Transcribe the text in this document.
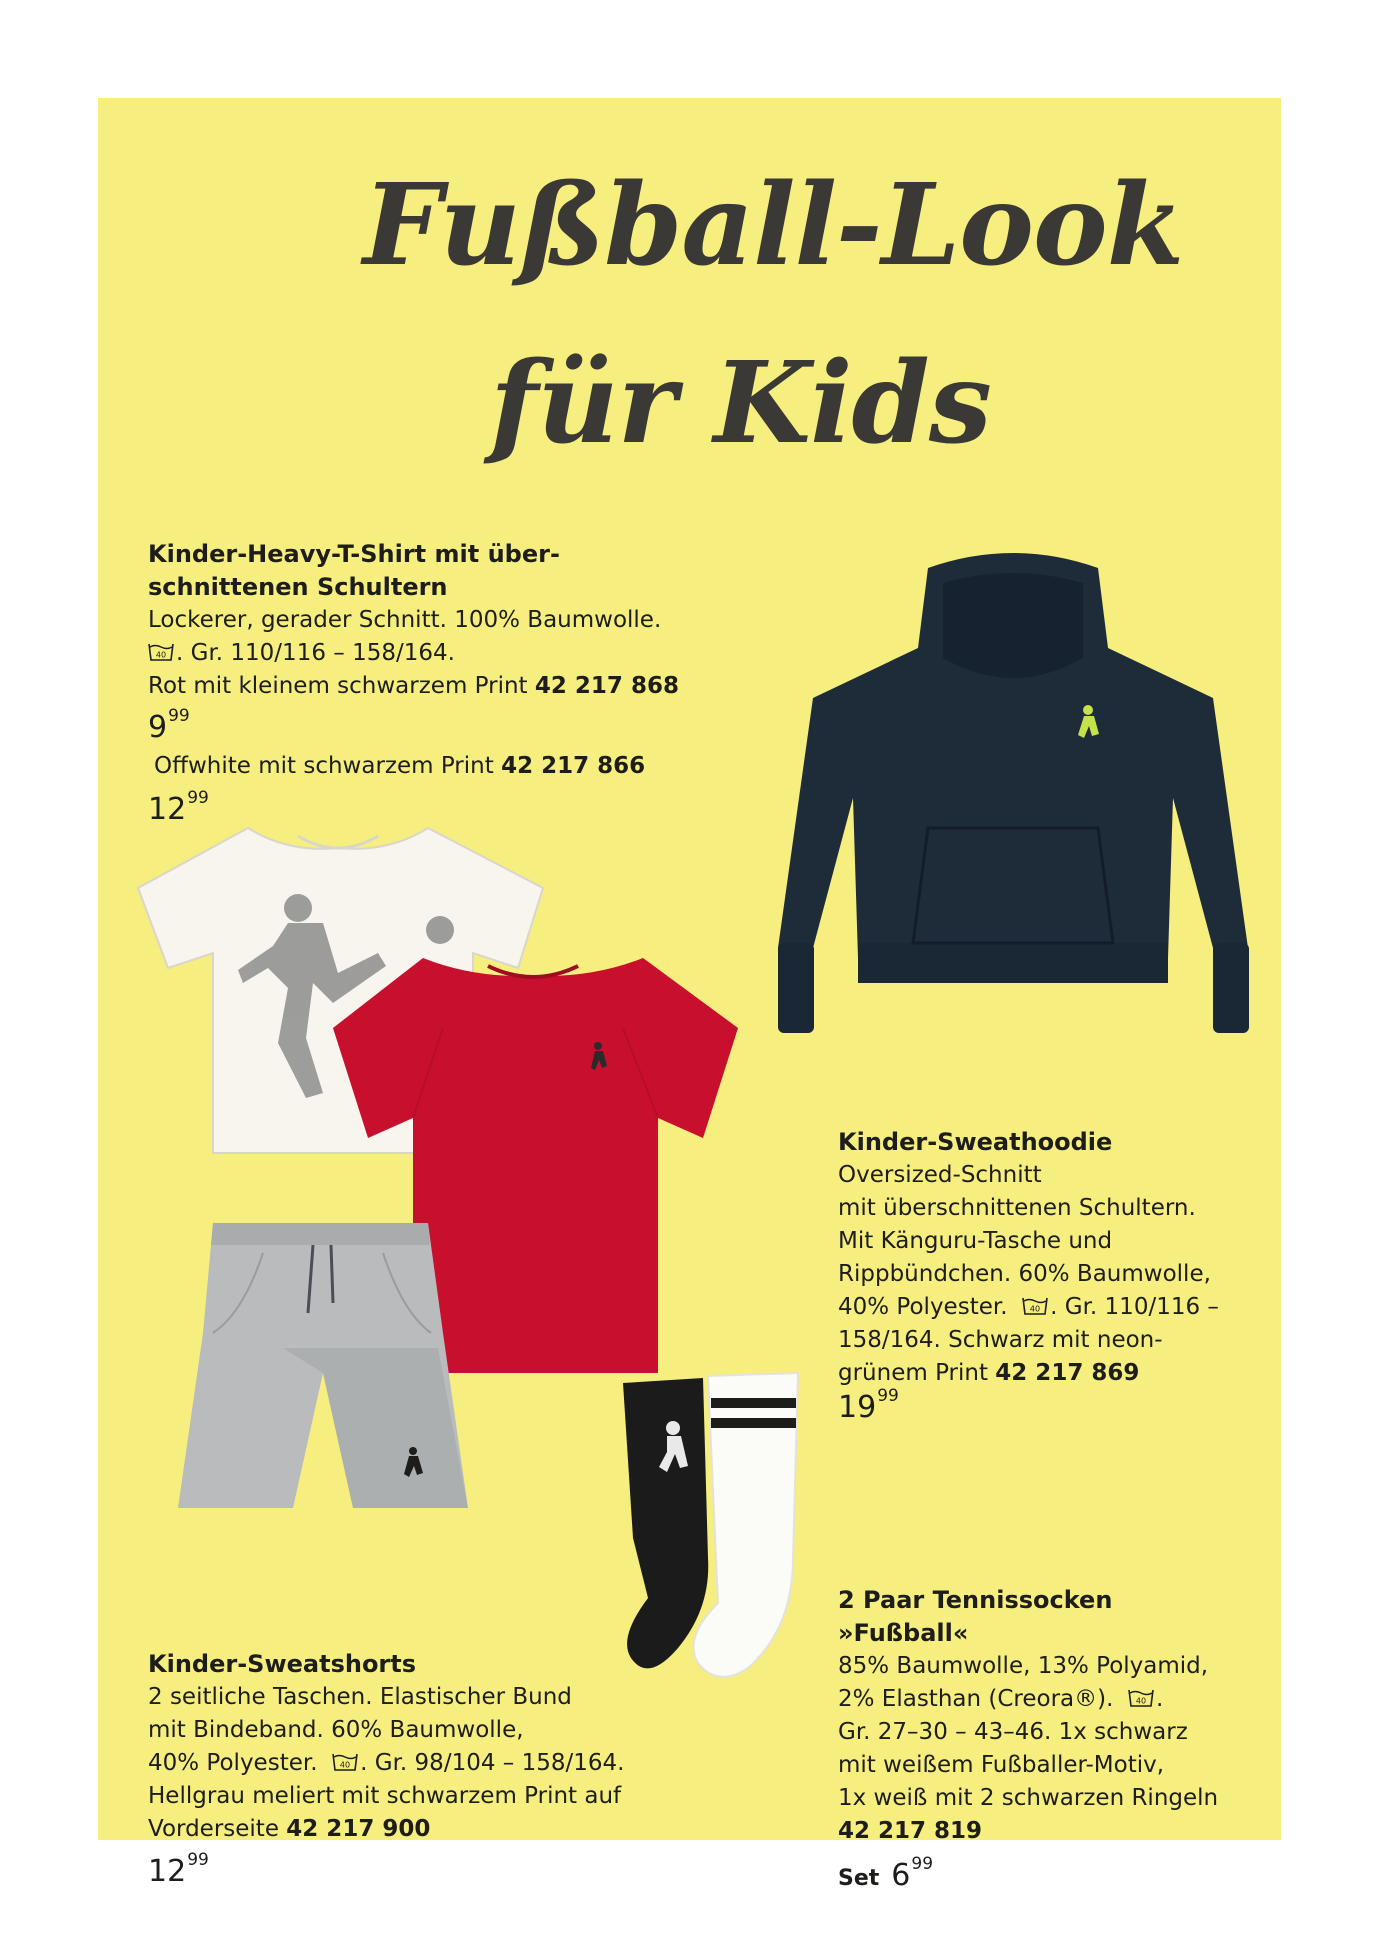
Fußball-Look
für Kids
Kinder-Heavy-T-Shirt mit über-
schnittenen Schultern
Lockerer, gerader Schnitt. 100% Baumwolle.
40 . Gr. 110/116 – 158/164.
Rot mit kleinem schwarzem Print 42 217 868
$9^{99}$
Offwhite mit schwarzem Print 42 217 866
$12^{99}$
Kinder-Sweathoodie
Oversized-Schnitt
mit überschnittenen Schultern.
Mit Känguru-Tasche und
Rippbündchen. 60% Baumwolle,
40% Polyester.	40 . Gr. 110/116 –
158/164. Schwarz mit neon-
grünem Print 42 217 869
$19^{99}$
Kinder-Sweatshorts
2 seitliche Taschen. Elastischer Bund
mit Bindeband. 60% Baumwolle,
40% Polyester.	40 . Gr. 98/104 – 158/164.
Hellgrau meliert mit schwarzem Print auf
Vorderseite 42 217 900
$12^{99}$
2 Paar Tennissocken
»Fußball«
85% Baumwolle, 13% Polyamid,
2% Elasthan (Creora®).	40 .
Gr. 27–30 – 43–46. 1x schwarz
mit weißem Fußballer-Motiv,
1x weiß mit 2 schwarzen Ringeln
42 217 819
Set $6^{99}$
